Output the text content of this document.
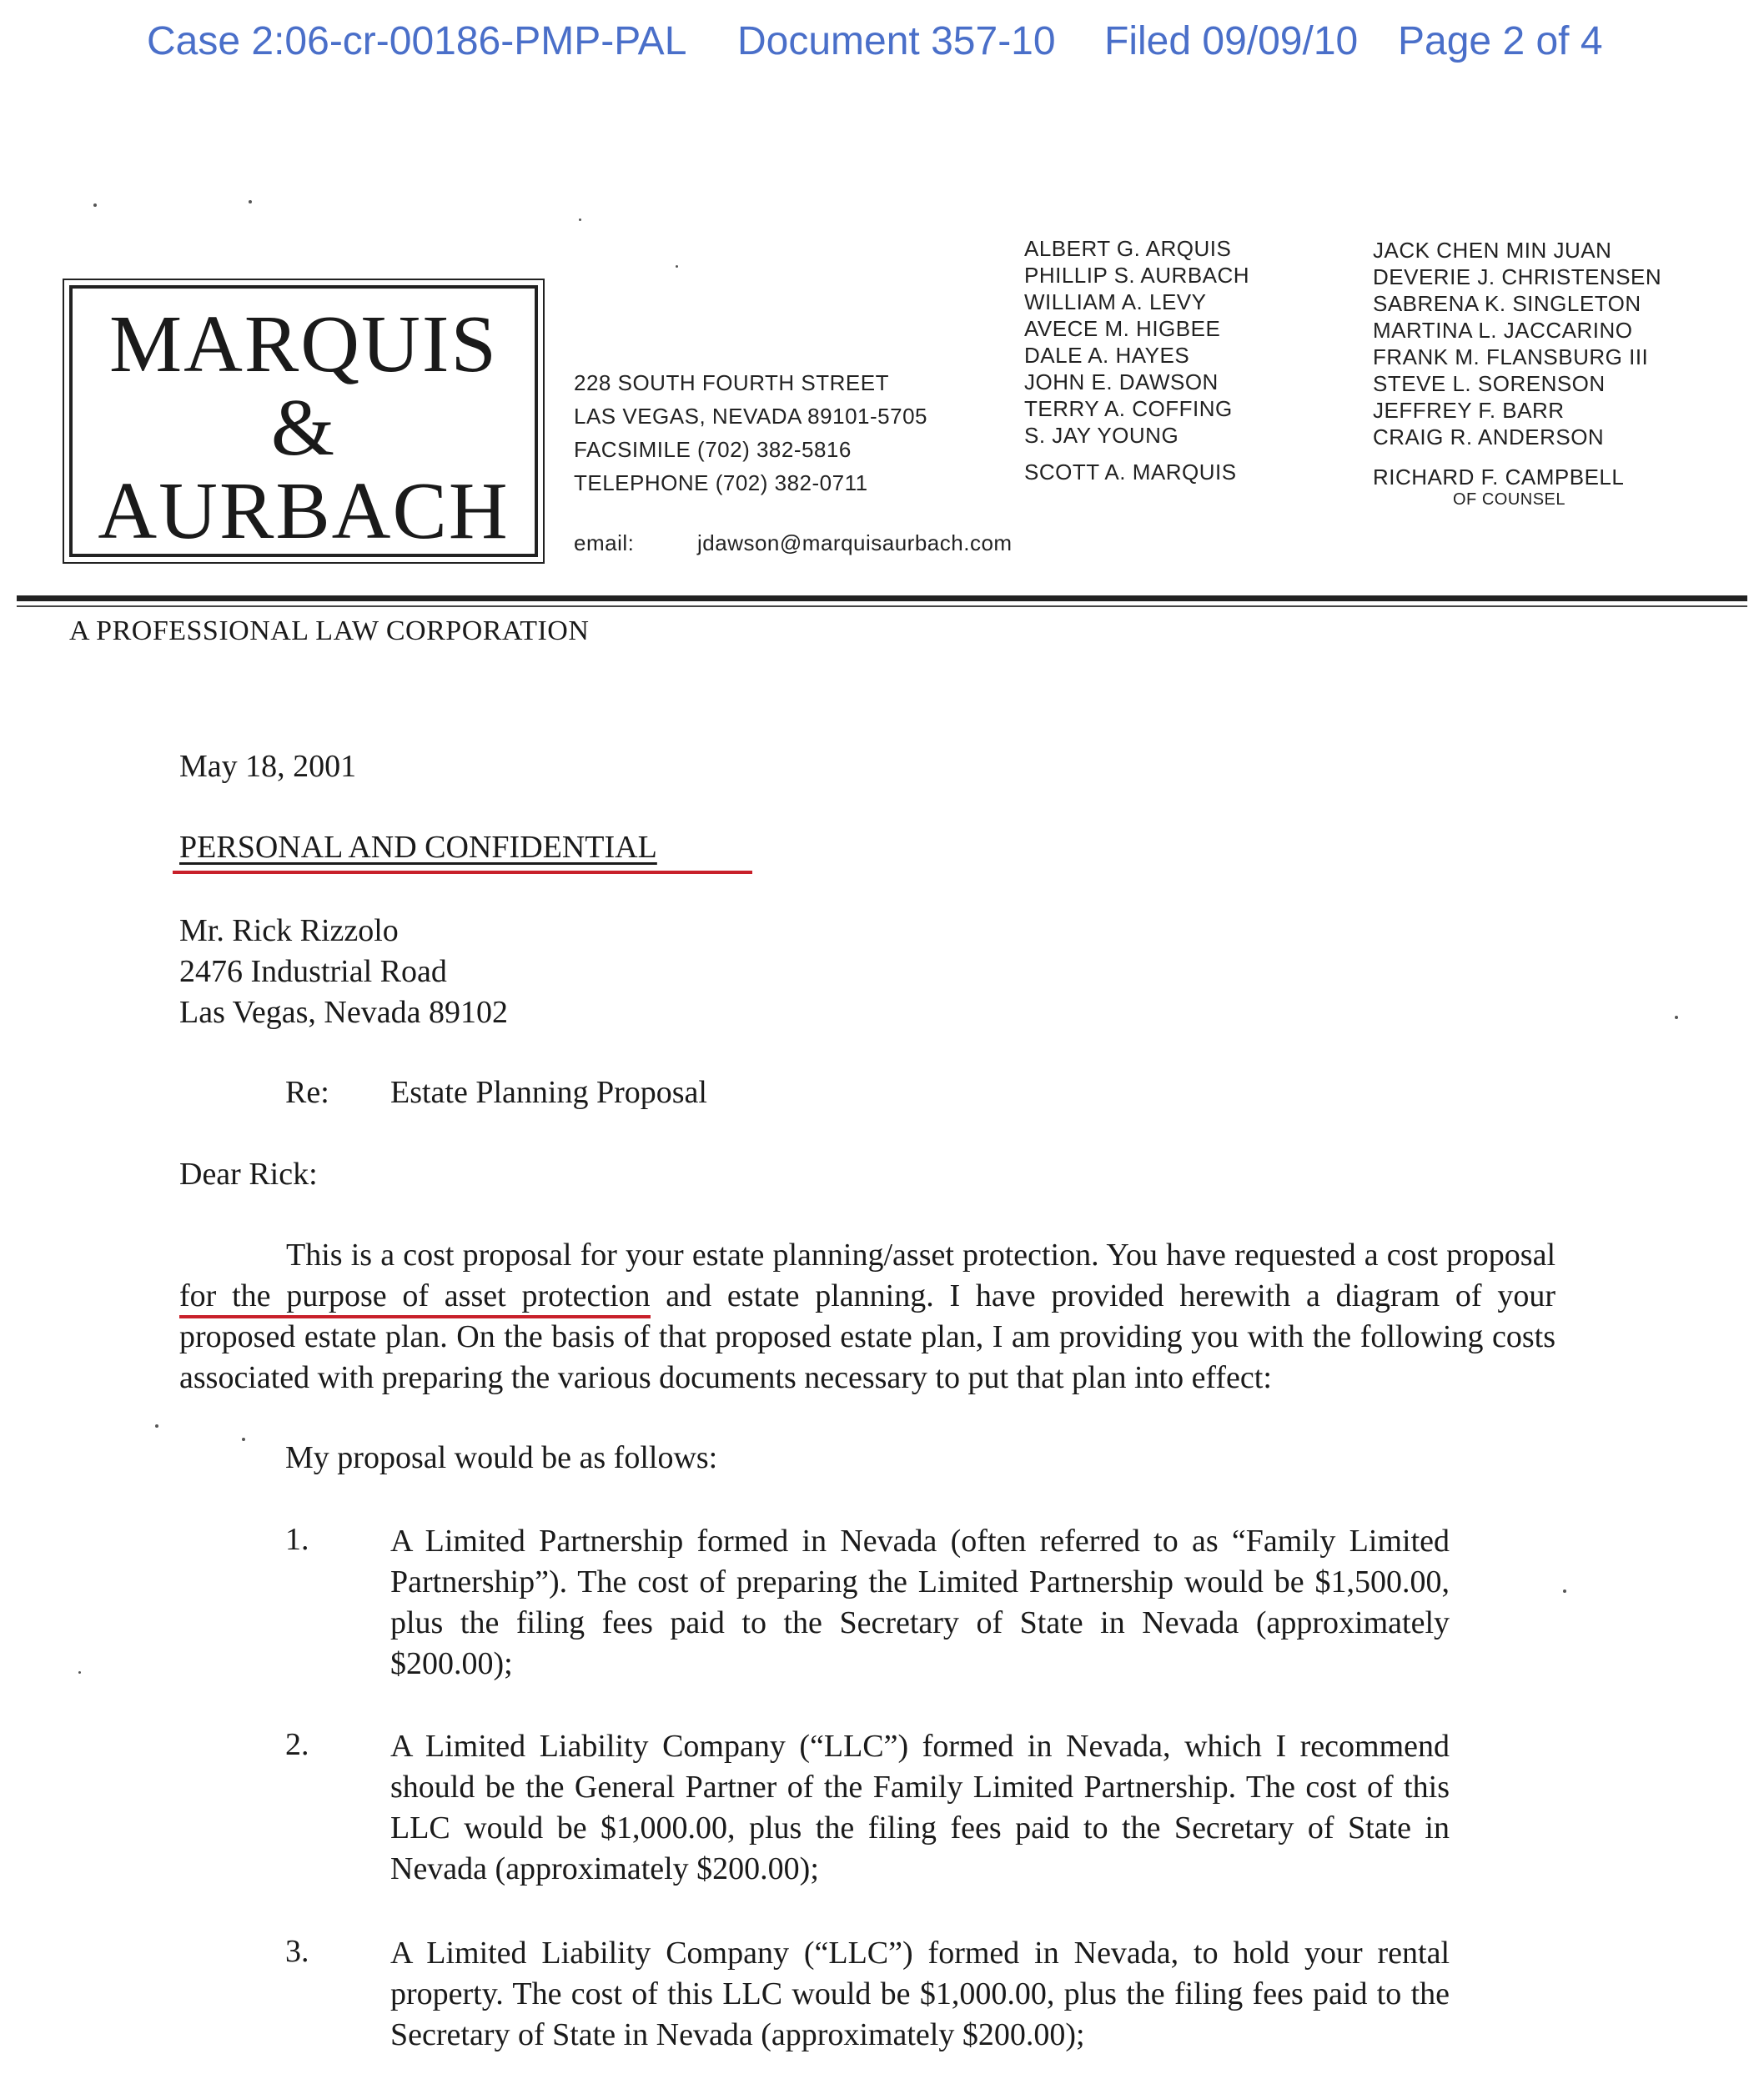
Case 2:06-cr-00186-PMP-PAL Document 357-10 Filed 09/09/10 Page 2 of 4
MARQUIS
&
AURBACH
228 SOUTH FOURTH STREET
LAS VEGAS, NEVADA 89101-5705
FACSIMILE (702) 382-5816
TELEPHONE (702) 382-0711
email:	jdawson@marquisaurbach.com
ALBERT G. ARQUIS
PHILLIP S. AURBACH
WILLIAM A. LEVY
AVECE M. HIGBEE
DALE A. HAYES
JOHN E. DAWSON
TERRY A. COFFING
S. JAY YOUNG
SCOTT A. MARQUIS
JACK CHEN MIN JUAN
DEVERIE J. CHRISTENSEN
SABRENA K. SINGLETON
MARTINA L. JACCARINO
FRANK M. FLANSBURG III
STEVE L. SORENSON
JEFFREY F. BARR
CRAIG R. ANDERSON
RICHARD F. CAMPBELL
OF COUNSEL
A PROFESSIONAL LAW CORPORATION
May 18, 2001
PERSONAL AND CONFIDENTIAL
Mr. Rick Rizzolo
2476 Industrial Road
Las Vegas, Nevada 89102
Re: Estate Planning Proposal
Dear Rick:
This is a cost proposal for your estate planning/asset protection. You have requested a cost proposal for the purpose of asset protection and estate planning. I have provided herewith a diagram of your proposed estate plan. On the basis of that proposed estate plan, I am providing you with the following costs associated with preparing the various documents necessary to put that plan into effect:
My proposal would be as follows:
1.	A Limited Partnership formed in Nevada (often referred to as “Family Limited Partnership”). The cost of preparing the Limited Partnership would be $1,500.00, plus the filing fees paid to the Secretary of State in Nevada (approximately $200.00);
2.	A Limited Liability Company (“LLC”) formed in Nevada, which I recommend should be the General Partner of the Family Limited Partnership. The cost of this LLC would be $1,000.00, plus the filing fees paid to the Secretary of State in Nevada (approximately $200.00);
3.	A Limited Liability Company (“LLC”) formed in Nevada, to hold your rental property. The cost of this LLC would be $1,000.00, plus the filing fees paid to the Secretary of State in Nevada (approximately $200.00);
